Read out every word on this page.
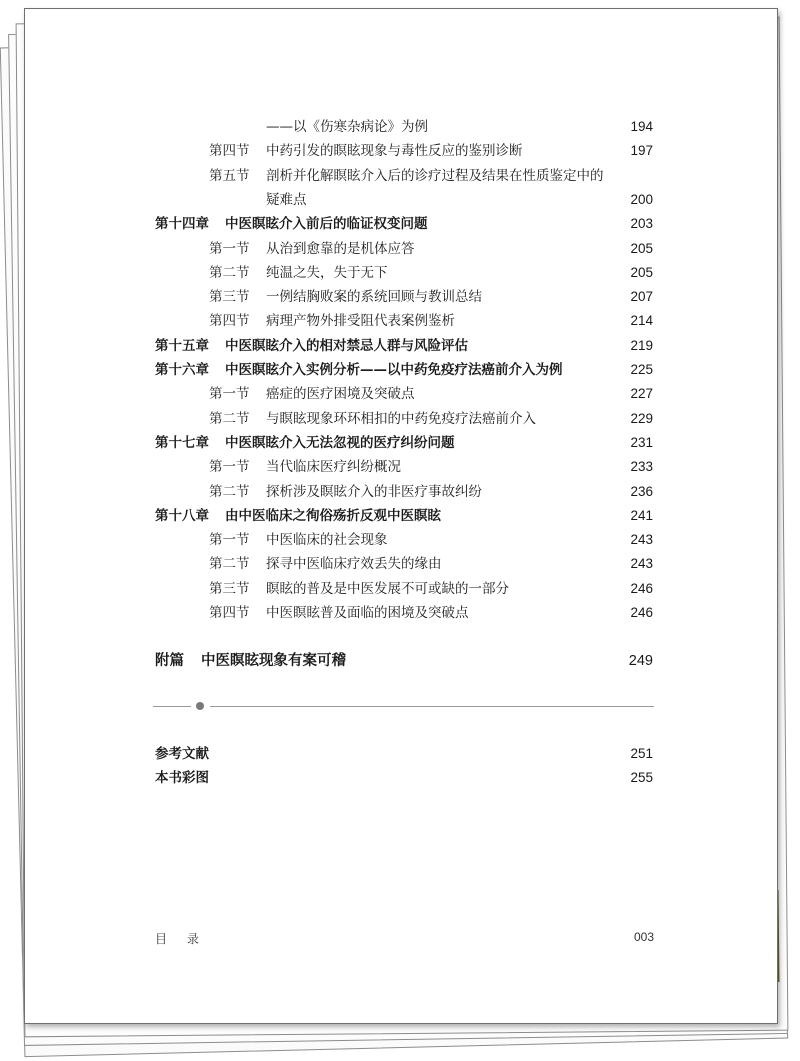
——以《伤寒杂病论》为例	194
第四节 中药引发的瞑眩现象与毒性反应的鉴别诊断	197
第五节 剖析并化解瞑眩介入后的诊疗过程及结果在性质鉴定中的
疑难点	200
第十四章 中医瞑眩介入前后的临证权变问题	203
第一节 从治到愈靠的是机体应答	205
第二节 纯温之失，失于无下	205
第三节 一例结胸败案的系统回顾与教训总结	207
第四节 病理产物外排受阻代表案例鉴析	214
第十五章 中医瞑眩介入的相对禁忌人群与风险评估	219
第十六章 中医瞑眩介入实例分析——以中药免疫疗法癌前介入为例	225
第一节 癌症的医疗困境及突破点	227
第二节 与瞑眩现象环环相扣的中药免疫疗法癌前介入	229
第十七章 中医瞑眩介入无法忽视的医疗纠纷问题	231
第一节 当代临床医疗纠纷概况	233
第二节 探析涉及瞑眩介入的非医疗事故纠纷	236
第十八章 由中医临床之徇俗殇折反观中医瞑眩	241
第一节 中医临床的社会现象	243
第二节 探寻中医临床疗效丢失的缘由	243
第三节 瞑眩的普及是中医发展不可或缺的一部分	246
第四节 中医瞑眩普及面临的困境及突破点	246
附篇 中医瞑眩现象有案可稽	249
参考文献	251
本书彩图	255
目 录	003
